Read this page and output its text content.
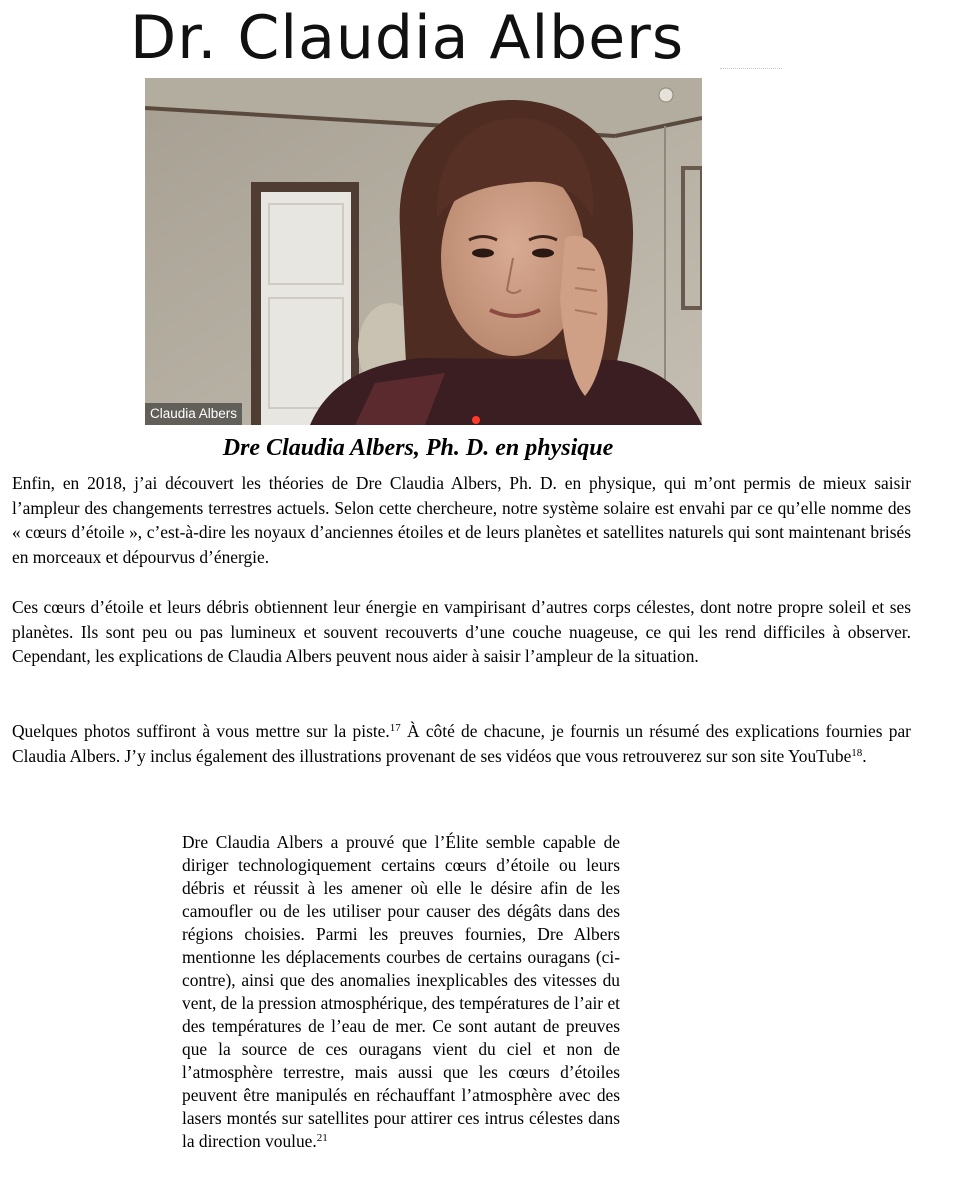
Dr. Claudia Albers
Claudia Albers
Dre Claudia Albers, Ph. D. en physique

Enfin, en 2018, j’ai découvert les théories de Dre Claudia Albers, Ph. D. en physique, qui m’ont permis de mieux saisir l’ampleur des changements terrestres actuels. Selon cette chercheure, notre système solaire est envahi par ce qu’elle nomme des « cœurs d’étoile », c’est-à-dire les noyaux d’anciennes étoiles et de leurs planètes et satellites naturels qui sont maintenant brisés en morceaux et dépourvus d’énergie.

Ces cœurs d’étoile et leurs débris obtiennent leur énergie en vampirisant d’autres corps célestes, dont notre propre soleil et ses planètes. Ils sont peu ou pas lumineux et souvent recouverts d’une couche nuageuse, ce qui les rend difficiles à observer. Cependant, les explications de Claudia Albers peuvent nous aider à saisir l’ampleur de la situation.

Quelques photos suffiront à vous mettre sur la piste.$^{17}$ À côté de chacune, je fournis un résumé des explications fournies par Claudia Albers. J’y inclus également des illustrations provenant de ses vidéos que vous retrouverez sur son site YouTube$^{18}$.

Dre Claudia Albers a prouvé que l’Élite semble capable de diriger technologiquement certains cœurs d’étoile ou leurs débris et réussit à les amener où elle le désire afin de les camoufler ou de les utiliser pour causer des dégâts dans des régions choisies. Parmi les preuves fournies, Dre Albers mentionne les déplacements courbes de certains ouragans (ci-contre), ainsi que des anomalies inexplicables des vitesses du vent, de la pression atmosphérique, des températures de l’air et des températures de l’eau de mer. Ce sont autant de preuves que la source de ces ouragans vient du ciel et non de l’atmosphère terrestre, mais aussi que les cœurs d’étoiles peuvent être manipulés en réchauffant l’atmosphère avec des lasers montés sur satellites pour attirer ces intrus célestes dans la direction voulue.$^{21}$
